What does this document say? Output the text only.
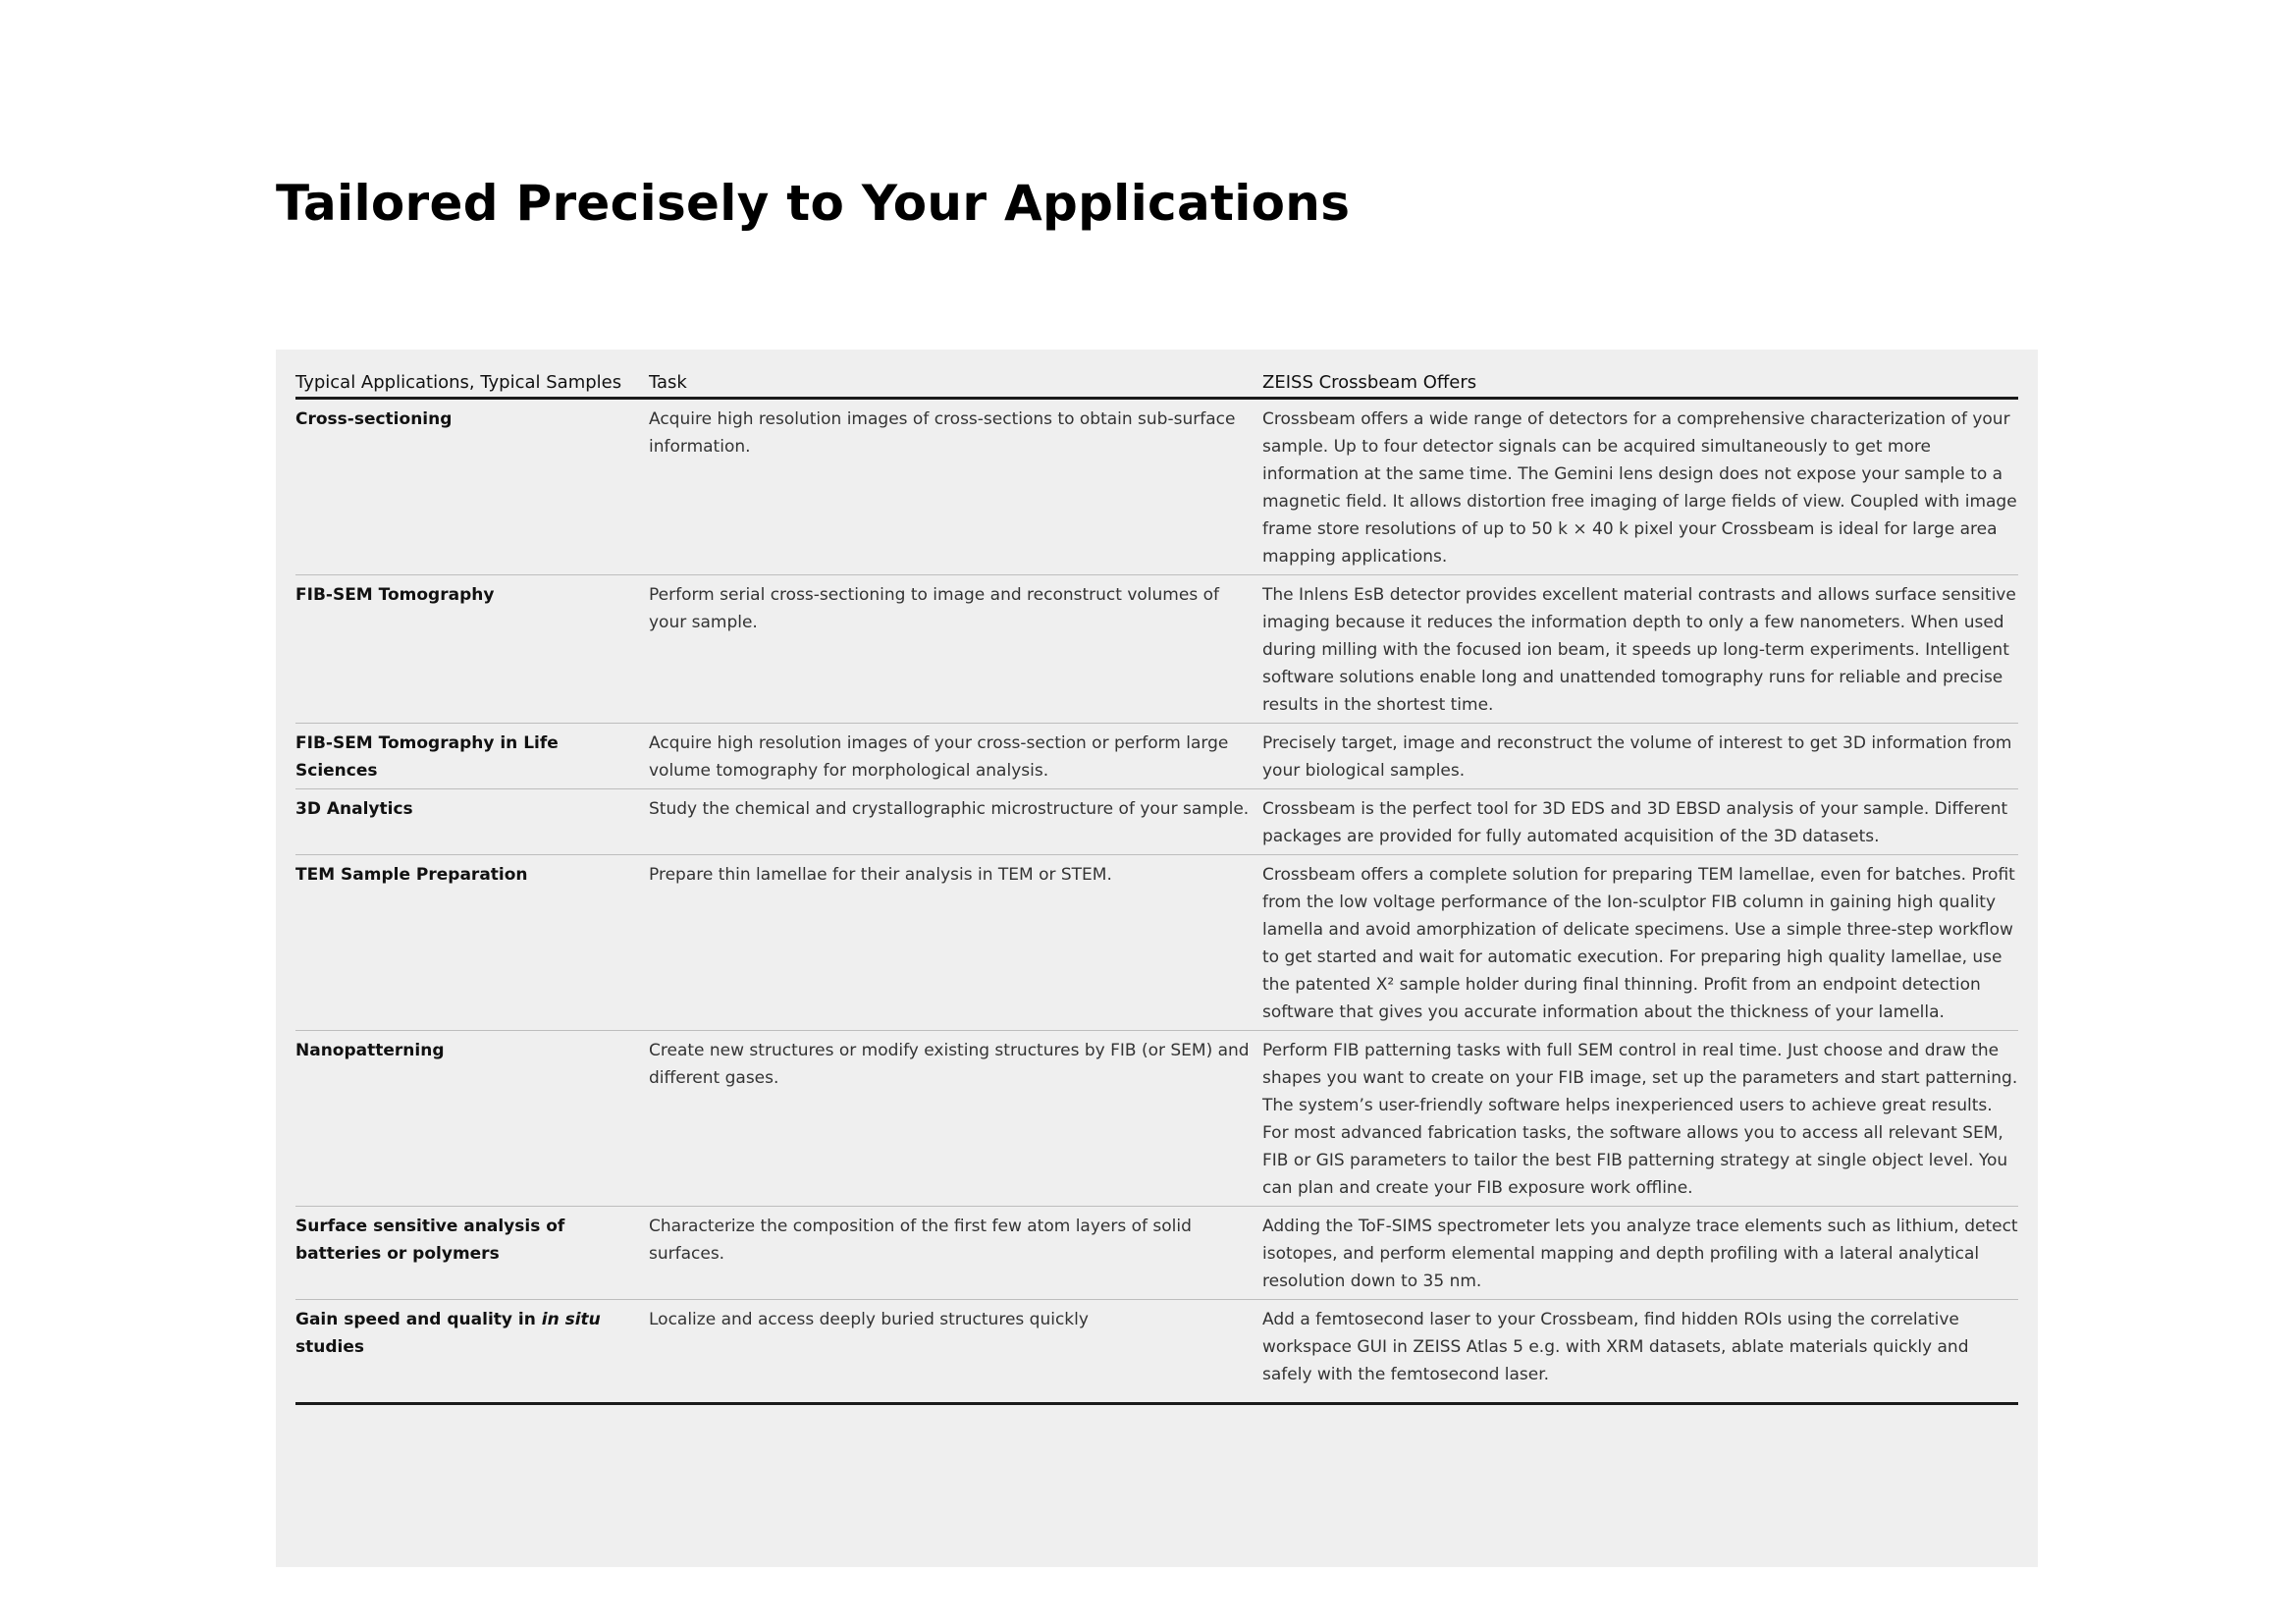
Tailored Precisely to Your Applications
Typical Applications, Typical Samples	Task	ZEISS Crossbeam Offers
Cross-sectioning	Acquire high resolution images of cross-sections to obtain sub-surface information.	Crossbeam offers a wide range of detectors for a comprehensive characterization of your sample. Up to four detector signals can be acquired simultaneously to get more information at the same time. The Gemini lens design does not expose your sample to a magnetic field. It allows distortion free imaging of large fields of view. Coupled with image frame store resolutions of up to 50 k × 40 k pixel your Crossbeam is ideal for large area mapping applications.
FIB-SEM Tomography	Perform serial cross-sectioning to image and reconstruct volumes of your sample.	The Inlens EsB detector provides excellent material contrasts and allows surface sensitive imaging because it reduces the information depth to only a few nanometers. When used during milling with the focused ion beam, it speeds up long-term experiments. Intelligent software solutions enable long and unattended tomography runs for reliable and precise results in the shortest time.
FIB-SEM Tomography in Life Sciences	Acquire high resolution images of your cross-section or perform large volume tomography for morphological analysis.	Precisely target, image and reconstruct the volume of interest to get 3D information from your biological samples.
3D Analytics	Study the chemical and crystallographic microstructure of your sample.	Crossbeam is the perfect tool for 3D EDS and 3D EBSD analysis of your sample. Different packages are provided for fully automated acquisition of the 3D datasets.
TEM Sample Preparation	Prepare thin lamellae for their analysis in TEM or STEM.	Crossbeam offers a complete solution for preparing TEM lamellae, even for batches. Profit from the low voltage performance of the Ion-sculptor FIB column in gaining high quality lamella and avoid amorphization of delicate specimens. Use a simple three-step workflow to get started and wait for automatic execution. For preparing high quality lamellae, use the patented X² sample holder during final thinning. Profit from an endpoint detection software that gives you accurate information about the thickness of your lamella.
Nanopatterning	Create new structures or modify existing structures by FIB (or SEM) and different gases.	Perform FIB patterning tasks with full SEM control in real time. Just choose and draw the shapes you want to create on your FIB image, set up the parameters and start patterning. The system’s user-friendly software helps inexperienced users to achieve great results. For most advanced fabrication tasks, the software allows you to access all relevant SEM, FIB or GIS parameters to tailor the best FIB patterning strategy at single object level. You can plan and create your FIB exposure work offline.
Surface sensitive analysis of batteries or polymers	Characterize the composition of the first few atom layers of solid surfaces.	Adding the ToF-SIMS spectrometer lets you analyze trace elements such as lithium, detect isotopes, and perform elemental mapping and depth profiling with a lateral analytical resolution down to 35 nm.
Gain speed and quality in in situ studies	Localize and access deeply buried structures quickly	Add a femtosecond laser to your Crossbeam, find hidden ROIs using the correlative workspace GUI in ZEISS Atlas 5 e.g. with XRM datasets, ablate materials quickly and safely with the femtosecond laser.
